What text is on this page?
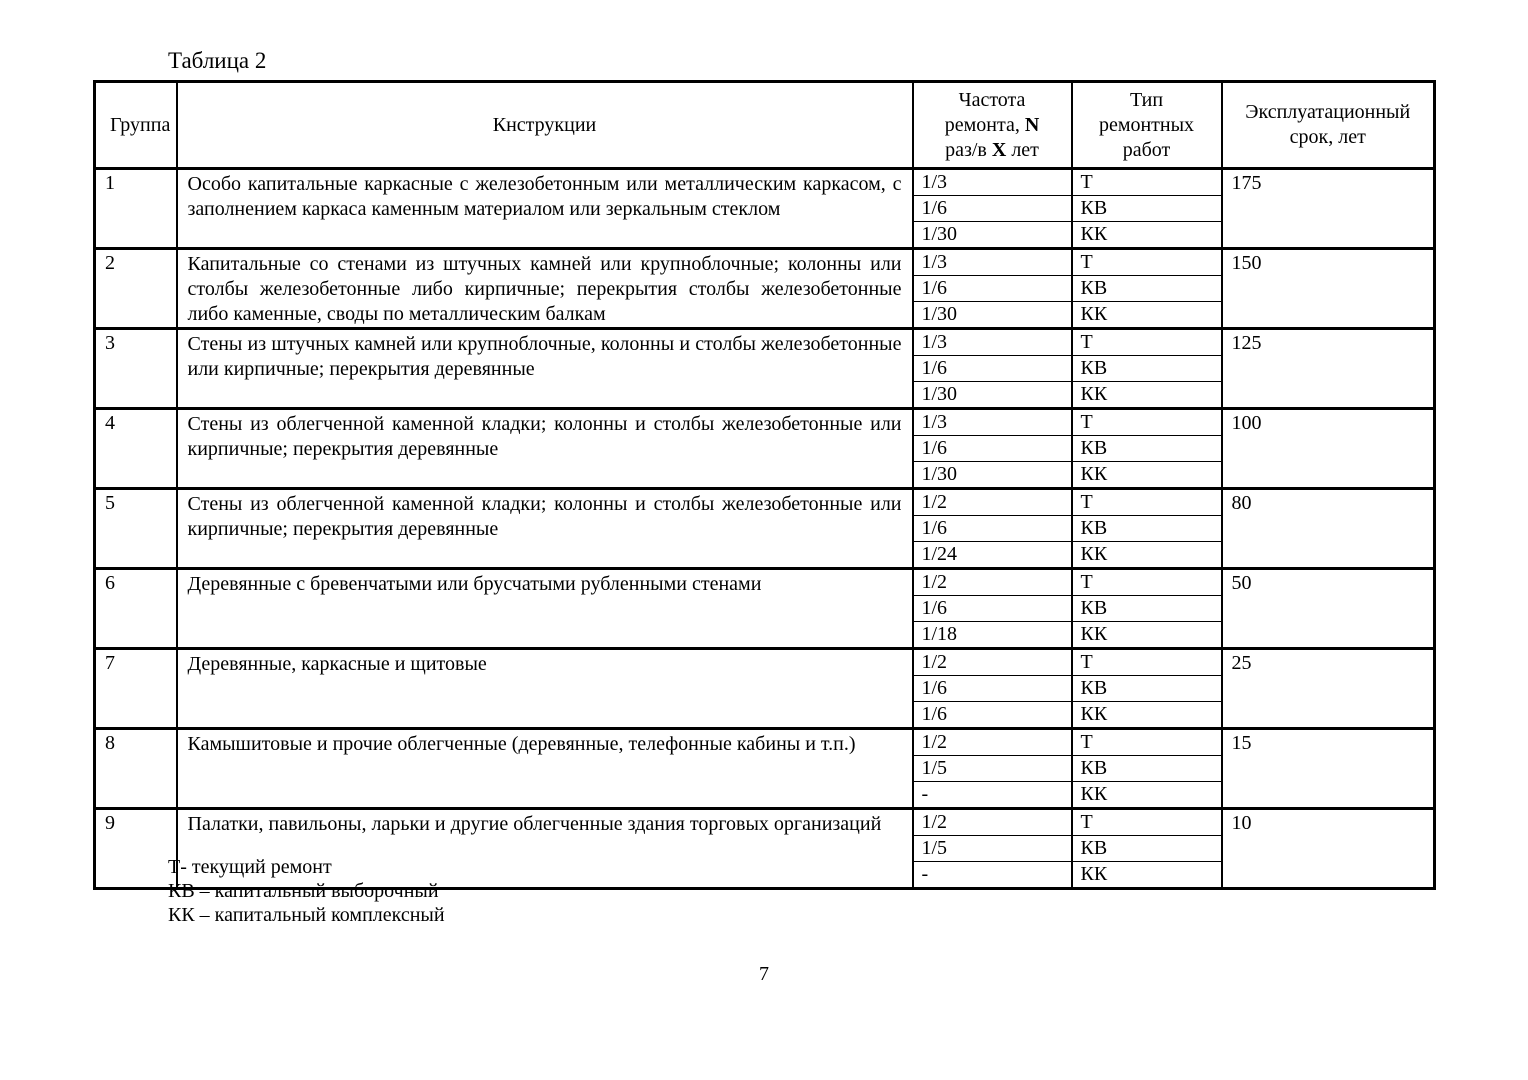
Таблица 2
Группа	Кнструкции	Частота ремонта, N раз/в X лет	Тип ремонтных работ	Эксплуатационный срок, лет
1	Особо капитальные каркасные с железобетонным или металлическим каркасом, с заполнением каркаса каменным материалом или зеркальным стеклом	1/3	Т	175
		1/6	КВ	
		1/30	КК	
2	Капитальные со стенами из штучных камней или крупноблочные; колонны или столбы железобетонные либо кирпичные; перекрытия столбы железобетонные либо каменные, своды по металлическим балкам	1/3	Т	150
		1/6	КВ	
		1/30	КК	
3	Стены из штучных камней или крупноблочные, колонны и столбы железобетонные или кирпичные; перекрытия деревянные	1/3	Т	125
		1/6	КВ	
		1/30	КК	
4	Стены из облегченной каменной кладки; колонны и столбы железобетонные или кирпичные; перекрытия деревянные	1/3	Т	100
		1/6	КВ	
		1/30	КК	
5	Стены из облегченной каменной кладки; колонны и столбы железобетонные или кирпичные; перекрытия деревянные	1/2	Т	80
		1/6	КВ	
		1/24	КК	
6	Деревянные с бревенчатыми или брусчатыми рубленными стенами	1/2	Т	50
		1/6	КВ	
		1/18	КК	
7	Деревянные, каркасные и щитовые	1/2	Т	25
		1/6	КВ	
		1/6	КК	
8	Камышитовые и прочие облегченные (деревянные, телефонные кабины и т.п.)	1/2	Т	15
		1/5	КВ	
		-	КК	
9	Палатки, павильоны, ларьки и другие облегченные здания торговых организаций	1/2	Т	10
		1/5	КВ	
		-	КК	
Т- текущий ремонт
КВ – капитальный выборочный
КК – капитальный комплексный
7
